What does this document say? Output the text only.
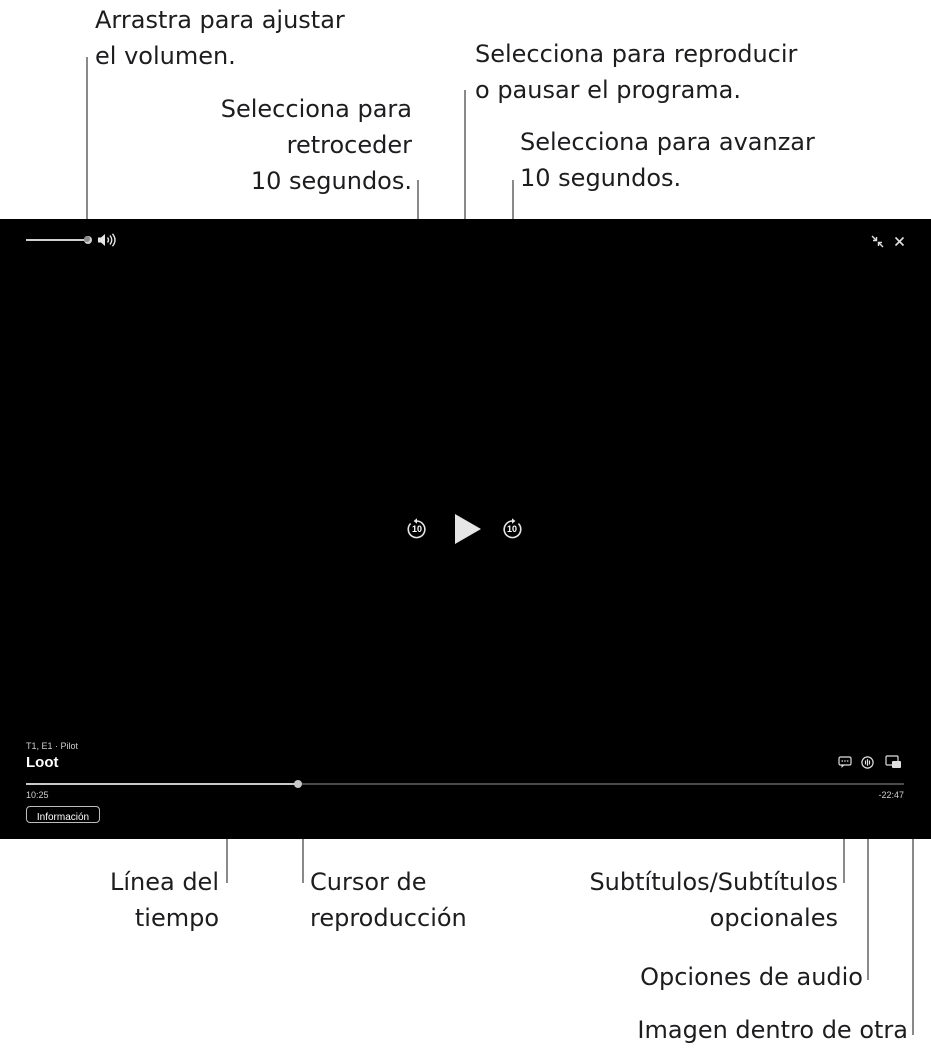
Arrastra para ajustar
el volumen.	Selecciona para reproducir
o pausar el programa.
Selecciona para
retroceder
10 segundos.
Selecciona para avanzar
10 segundos.
Línea del
tiempo
Cursor de
reproducción
Subtítulos/Subtítulos
opcionales
Opciones de audio
Imagen dentro de otra
10	10
T1, E1 · Pilot
Loot
10:25	-22:47
Información
